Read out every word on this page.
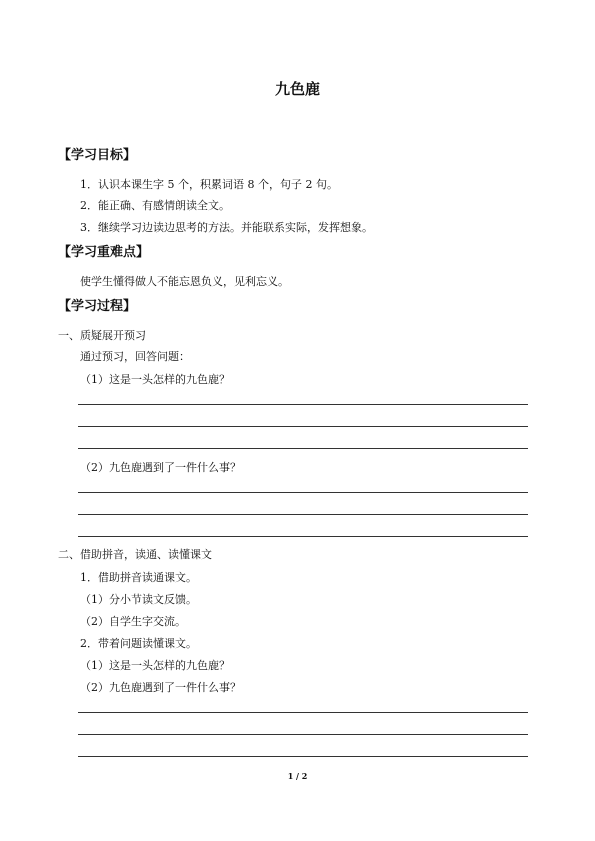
九色鹿
【学习目标】
1．认识本课生字 5 个，积累词语 8 个，句子 2 句。
2．能正确、有感情朗读全文。
3．继续学习边读边思考的方法。并能联系实际，发挥想象。
【学习重难点】
使学生懂得做人不能忘恩负义，见利忘义。
【学习过程】
一、质疑展开预习
通过预习，回答问题：
（1）这是一头怎样的九色鹿？
（2）九色鹿遇到了一件什么事？
二、借助拼音，读通、读懂课文
1．借助拼音读通课文。
（1）分小节读文反馈。
（2）自学生字交流。
2．带着问题读懂课文。
（1）这是一头怎样的九色鹿？
（2）九色鹿遇到了一件什么事？
1 / 2
